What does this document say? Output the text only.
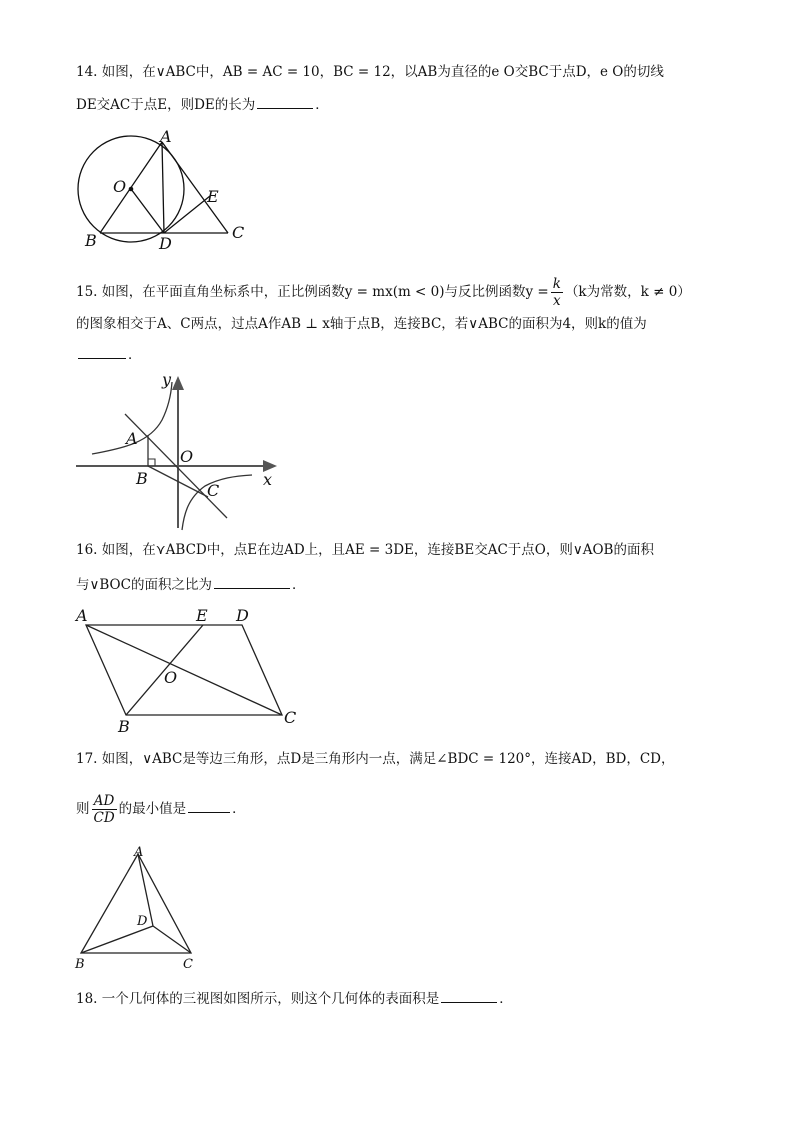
14. 如图，在∨ABC中，AB = AC = 10，BC = 12，以AB为直径的e O交BC于点D，e O的切线
DE交AC于点E，则DE的长为	．
A
O
E
B	D
C
15. 如图，在平面直角坐标系中，正比例函数y = mx(m < 0)与反比例函数$y = \frac{k}{x} (k$为常数，k ≠ 0）
的图象相交于A、C两点，过点A作AB ⊥ x轴于点B，连接BC，若∨ABC的面积为4，则k的值为
．
y
A
O
B
C
x
16. 如图，在⋎ABCD中，点E在边AD上，且AE = 3DE，连接BE交AC于点O，则∨AOB的面积
与∨BOC的面积之比为	．
A	E D
O
B	C
17. 如图，∨ABC是等边三角形，点D是三角形内一点，满足∠BDC = 120°，连接AD，BD，CD，
则 $\frac{AD}{CD}$ 的最小值是	．
A
D
B	C
18. 一个几何体的三视图如图所示，则这个几何体的表面积是	．
